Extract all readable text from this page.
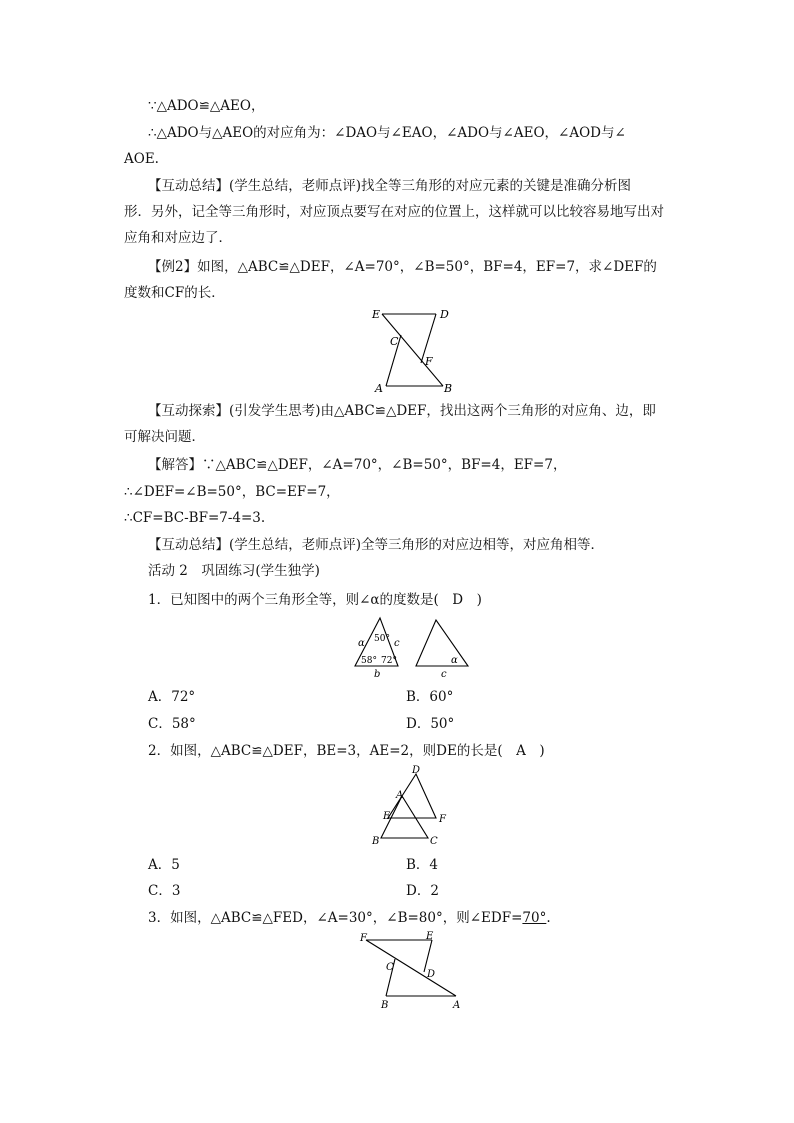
∵△ADO≌△AEO，
∴△ADO与△AEO的对应角为：∠DAO与∠EAO，∠ADO与∠AEO，∠AOD与∠
AOE.
【互动总结】(学生总结，老师点评)找全等三角形的对应元素的关键是准确分析图
形．另外，记全等三角形时，对应顶点要写在对应的位置上，这样就可以比较容易地写出对
应角和对应边了．
【例2】如图，△ABC≌△DEF，∠A=70°，∠B=50°，BF=4，EF=7，求∠DEF的
度数和CF的长．
E	D
C
F
A	B
【互动探索】(引发学生思考)由△ABC≌△DEF，找出这两个三角形的对应角、边，即
可解决问题．
【解答】∵△ABC≌△DEF，∠A=70°，∠B=50°，BF=4，EF=7，
∴∠DEF=∠B=50°，BC=EF=7，
∴CF=BC-BF=7-4=3.
【互动总结】(学生总结，老师点评)全等三角形的对应边相等，对应角相等．
活动 2　巩固练习(学生独学)
1．已知图中的两个三角形全等，则∠α的度数是(　D　)
α 50° c
58° 72°
b
α
c
A．72°	B．60°
C．58°	D．50°
2．如图，△ABC≌△DEF，BE=3，AE=2，则DE的长是(　A　)
D
A
E	F
B	C
A．5	B．4
C．3	D．2
3．如图，△ABC≌△FED，∠A=30°，∠B=80°，则∠EDF=70°.
F	E
C
D
B	A
